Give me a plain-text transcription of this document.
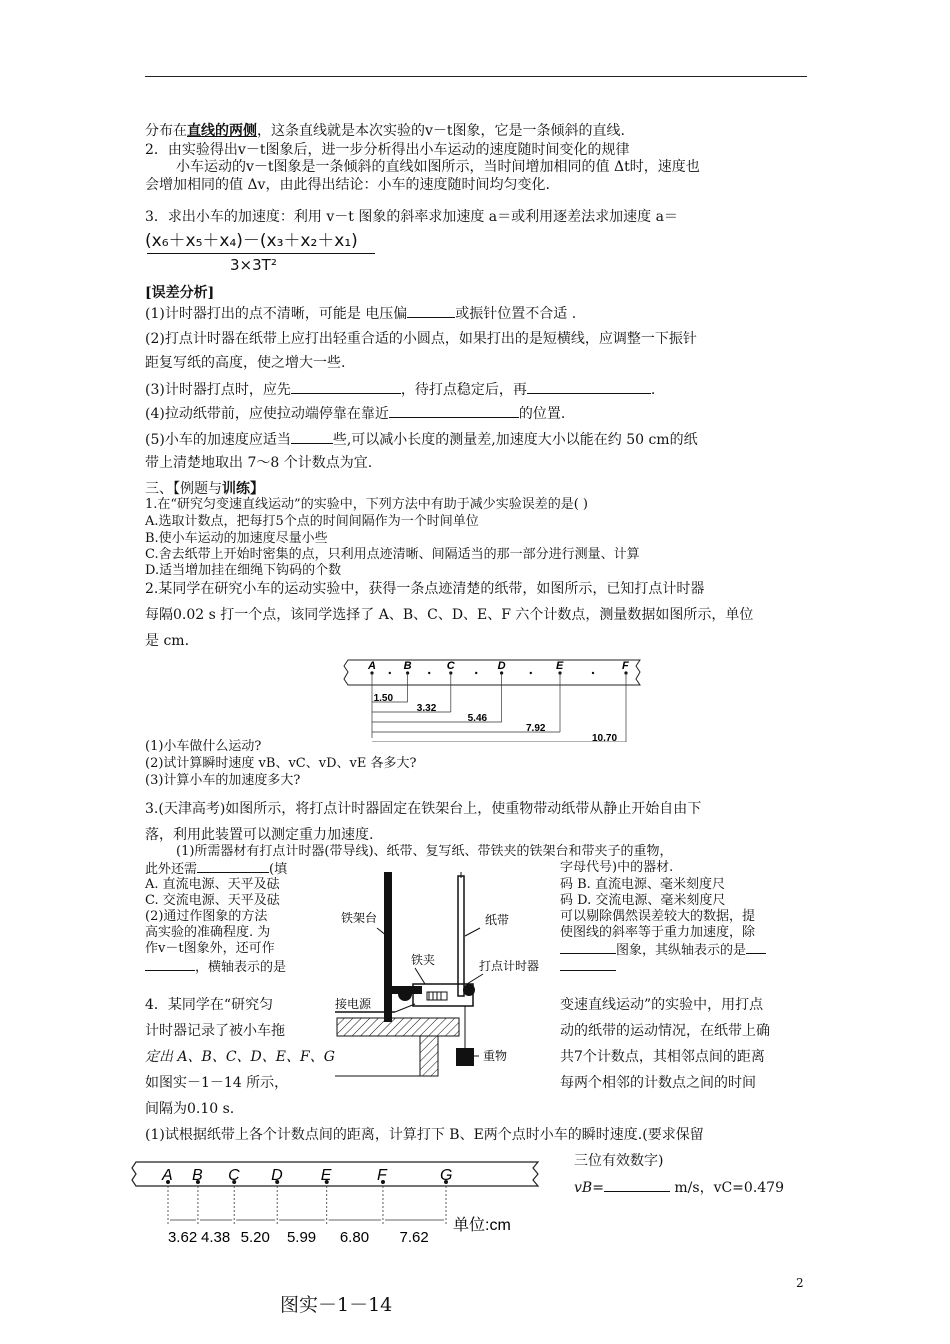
分布在直线的两侧，这条直线就是本次实验的v－t图象，它是一条倾斜的直线.
2．由实验得出v－t图象后，进一步分析得出小车运动的速度随时间变化的规律
小车运动的v－t图象是一条倾斜的直线如图所示，当时间增加相同的值 Δt时，速度也
会增加相同的值 Δv，由此得出结论：小车的速度随时间均匀变化.
3．求出小车的加速度：利用 v－t 图象的斜率求加速度 a＝或利用逐差法求加速度 a＝
(x₆＋x₅＋x₄)－(x₃＋x₂＋x₁)
3×3T²
[误差分析]
(1)计时器打出的点不清晰，可能是 电压偏	或振针位置不合适 .
(2)打点计时器在纸带上应打出轻重合适的小圆点，如果打出的是短横线，应调整一下振针
距复写纸的高度，使之增大一些.
(3)计时器打点时，应先	，待打点稳定后，再	.
(4)拉动纸带前，应使拉动端停靠在靠近	的位置.
(5)小车的加速度应适当	些,可以减小长度的测量差,加速度大小以能在约 50 cm的纸
带上清楚地取出 7～8 个计数点为宜.
三、【例题与训练】
1.在“研究匀变速直线运动”的实验中，下列方法中有助于减少实验误差的是( )
A.选取计数点，把每打5个点的时间间隔作为一个时间单位
B.使小车运动的加速度尽量小些
C.舍去纸带上开始时密集的点，只利用点迹清晰、间隔适当的那一部分进行测量、计算
D.适当增加挂在细绳下钩码的个数
2.某同学在研究小车的运动实验中，获得一条点迹清楚的纸带，如图所示，已知打点计时器
每隔0.02 s 打一个点，该同学选择了 A、B、C、D、E、F 六个计数点，测量数据如图所示，单位
是 cm.
A	B	C	D	E	F
1.50
3.32
5.46
7.92
10.70
(1)小车做什么运动?
(2)试计算瞬时速度 vB、vC、vD、vE 各多大?
(3)计算小车的加速度多大?
3.(天津高考)如图所示，将打点计时器固定在铁架台上，使重物带动纸带从静止开始自由下
落，利用此装置可以测定重力加速度.
(1)所需器材有打点计时器(带导线)、纸带、复写纸、带铁夹的铁架台和带夹子的重物，
此外还需	(填	字母代号)中的器材.
A. 直流电源、天平及砝	码 B. 直流电源、毫米刻度尺
C. 交流电源、天平及砝	码 D. 交流电源、毫米刻度尺
(2)通过作图象的方法	可以剔除偶然误差较大的数据，提
高实验的准确程度. 为	使图线的斜率等于重力加速度，除
作v－t图象外，还可作
，横轴表示的是
图象，其纵轴表示的是
铁架台	纸带
铁夹	打点计时器
接电源
重物
4．某同学在“研究匀	变速直线运动”的实验中，用打点
计时器记录了被小车拖	动的纸带的运动情况，在纸带上确
定出 A、B、C、D、E、F、G	共7个计数点，其相邻点间的距离
如图实－1－14 所示，	每两个相邻的计数点之间的时间
间隔为0.10 s.
(1)试根据纸带上各个计数点间的距离，计算打下 B、E两个点时小车的瞬时速度.(要求保留
三位有效数字)
vB=	m/s，vC=0.479
A B C D E	F	G
3.62 4.38 5.20 5.99 6.80 7.62
单位:cm
图实－1－14
2
